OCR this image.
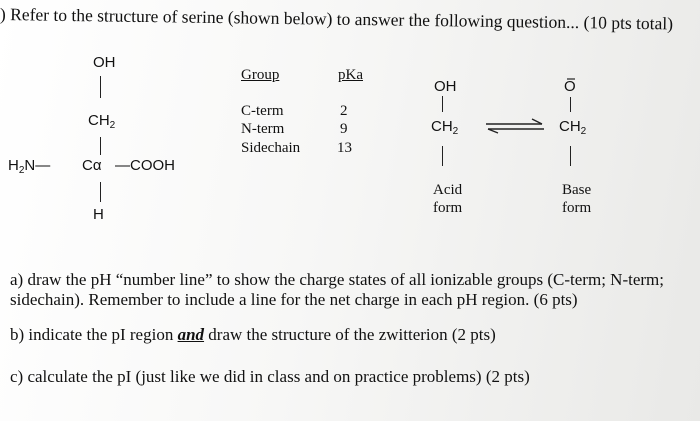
) Refer to the structure of serine (shown below) to answer the following question... (10 pts total)
OH
$CH_2$
$H_2N—$ Cα —COOH
H
Group	pKa
C-term	2
N-term	9
Sidechain 13
OH
$CH_2$
Acid
form
O
$CH_2$
Base
form
a) draw the pH “number line” to show the charge states of all ionizable groups (C-term; N-term;
sidechain). Remember to include a line for the net charge in each pH region. (6 pts)
b) indicate the pI region and draw the structure of the zwitterion (2 pts)
c) calculate the pI (just like we did in class and on practice problems) (2 pts)
